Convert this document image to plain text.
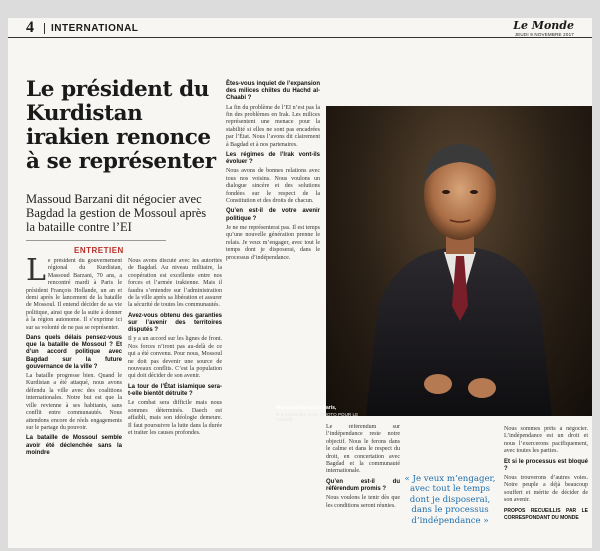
4	INTERNATIONAL	Le Monde
JEUDI 9 NOVEMBRE 2017
Le président du Kurdistan irakien renonce à se représenter
Massoud Barzani dit négocier avec Bagdad la gestion de Mossoul après la bataille contre l’EI
ENTRETIEN

Le président du gouvernement régional du Kurdistan, Massoud Barzani, 70 ans, a rencontré mardi à Paris le président François Hollande, un an et demi après le lancement de la bataille de Mossoul. Il entend décider de sa vie politique, ainsi que de la suite à donner à la région autonome. Il s’exprime ici sur sa volonté de ne pas se représenter.

Dans quels délais pensez-vous que la bataille de Mossoul ? Et d’un accord politique avec Bagdad sur la future gouvernance de la ville ?

La bataille progresse bien. Quand le Kurdistan a été attaqué, nous avons défendu la ville avec des coalitions internationales. Notre but est que la ville revienne à ses habitants, sans conflit entre communautés. Nous attendons encore de réels engagements sur le partage du pouvoir.

La bataille de Mossoul semble avoir été déclenchée sans la moindre

Nous avons discuté avec les autorités de Bagdad. Au niveau militaire, la coopération est excellente entre nos forces et l’armée irakienne. Mais il faudra s’entendre sur l’administration de la ville après sa libération et assurer la sécurité de toutes les communautés.

Avez-vous obtenu des garanties sur l’avenir des territoires disputés ?

Il y a un accord sur les lignes de front. Nos forces n’iront pas au-delà de ce qui a été convenu. Pour nous, Mossoul ne doit pas devenir une source de nouveaux conflits. C’est la population qui doit décider de son avenir.

La tour de l’État islamique sera-t-elle bientôt détruite ?

Le combat sera difficile mais nous sommes déterminés. Daech est affaibli, mais son idéologie demeure. Il faut poursuivre la lutte dans la durée et traiter les causes profondes.

Êtes-vous inquiet de l’expansion des milices chiites du Hachd al-Chaabi ?

La fin du problème de l’EI n’est pas la fin des problèmes en Irak. Les milices représentent une menace pour la stabilité si elles ne sont pas encadrées par l’État. Nous l’avons dit clairement à Bagdad et à nos partenaires.

Les régimes de l’Irak vont-ils évoluer ?

Nous avons de bonnes relations avec tous nos voisins. Nous voulons un dialogue sincère et des solutions fondées sur le respect de la Constitution et des droits de chacun.

Qu’en est-il de votre avenir politique ?

Je ne me représenterai pas. Il est temps qu’une nouvelle génération prenne le relais. Je veux m’engager, avec tout le temps dont je disposerai, dans le processus d’indépendance.

Massoud Barzani à Paris,
le 8 septembre 2016. PHOTO POUR LE MONDE

Le référendum sur l’indépendance reste notre objectif. Nous le ferons dans le calme et dans le respect du droit, en concertation avec Bagdad et la communauté internationale.

Qu’en est-il du référendum promis ?

Nous voulons le tenir dès que les conditions seront réunies.

« Je veux m’engager, avec tout le temps dont je disposerai, dans le processus d’indépendance »

Nous sommes prêts à négocier. L’indépendance est un droit et nous l’exercerons pacifiquement, avec toutes les parties.

Et si le processus est bloqué ?

Nous trouverons d’autres voies. Notre peuple a déjà beaucoup souffert et mérite de décider de son avenir.

PROPOS RECUEILLIS PAR LE CORRESPONDANT DU MONDE
